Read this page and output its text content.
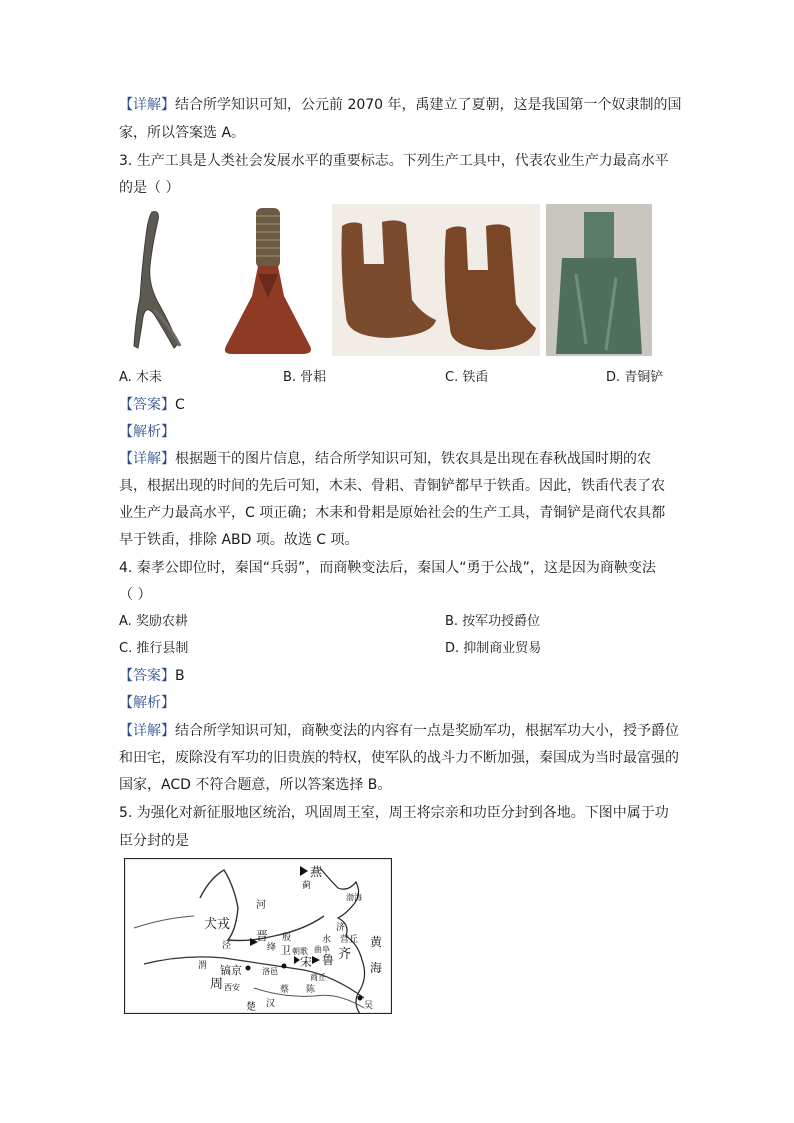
【详解】结合所学知识可知，公元前 2070 年，禹建立了夏朝，这是我国第一个奴隶制的国
家，所以答案选 A。
3. 生产工具是人类社会发展水平的重要标志。下列生产工具中，代表农业生产力最高水平
的是（ ）
A. 木耒	B. 骨耜	C. 铁臿	D. 青铜铲
【答案】C
【解析】
【详解】根据题干的图片信息，结合所学知识可知，铁农具是出现在春秋战国时期的农
具，根据出现的时间的先后可知，木耒、骨耜、青铜铲都早于铁臿。因此，铁臿代表了农
业生产力最高水平，C 项正确；木耒和骨耜是原始社会的生产工具，青铜铲是商代农具都
早于铁臿，排除 ABD 项。故选 C 项。
4. 秦孝公即位时，秦国“兵弱”，而商鞅变法后，秦国人“勇于公战”，这是因为商鞅变法
（ ）
A. 奖励农耕	B. 按军功授爵位
C. 推行县制	D. 抑制商业贸易
【答案】B
【解析】
【详解】结合所学知识可知，商鞅变法的内容有一点是奖励军功，根据军功大小，授予爵位
和田宅，废除没有军功的旧贵族的特权，使军队的战斗力不断加强，秦国成为当时最富强的
国家，ACD 不符合题意，所以答案选择 B。
5. 为强化对新征服地区统治，巩固周王室，周王将宗亲和功臣分封到各地。下图中属于功
臣分封的是
燕
蓟
渤海
河
犬戎
晋
绛
殷
济
营丘
水
齐
黄
海
泾	卫 朝歌 曲阜
鲁
宋
渭 镐京	洛邑
商丘
周 西安	蔡 陈
汉
楚	吴
